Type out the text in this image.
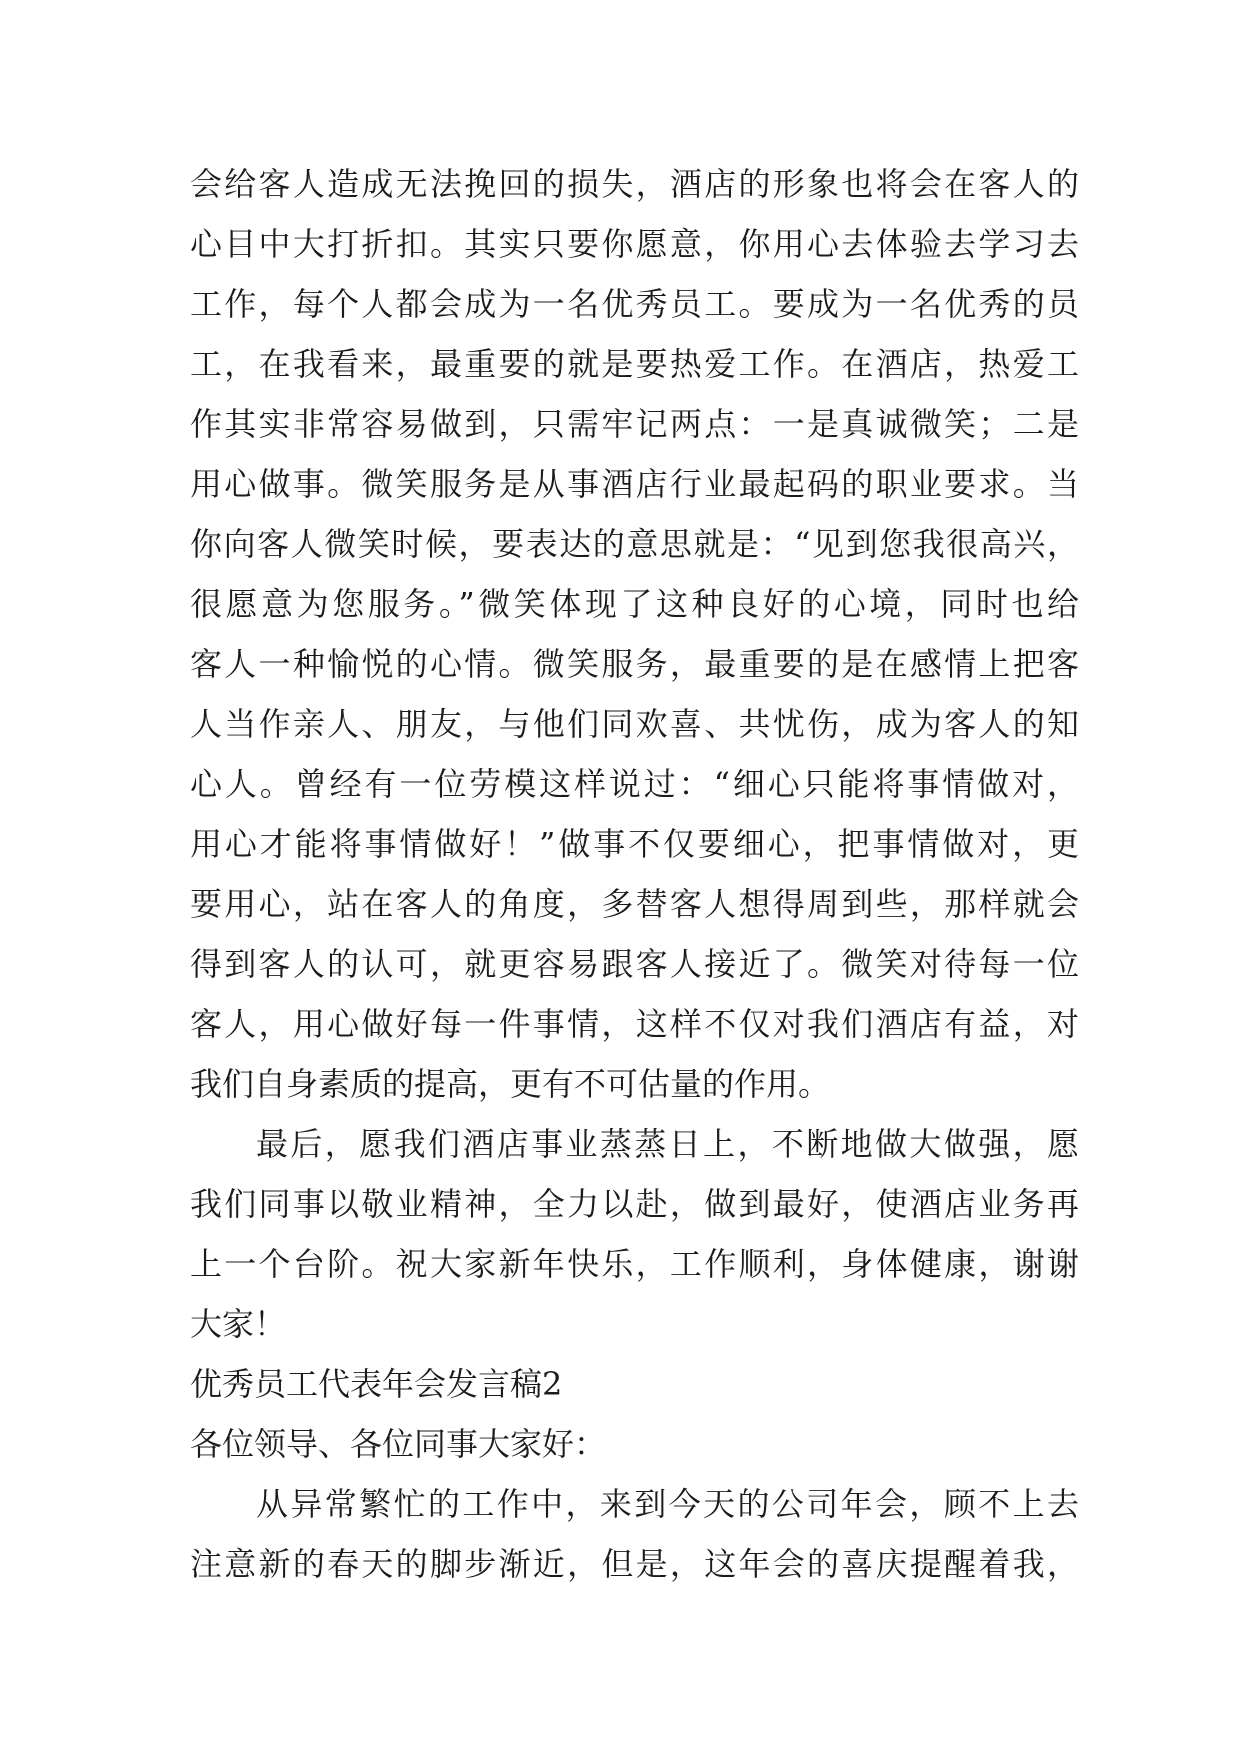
会给客人造成无法挽回的损失，酒店的形象也将会在客人的
心目中大打折扣。其实只要你愿意，你用心去体验去学习去
工作，每个人都会成为一名优秀员工。要成为一名优秀的员
工，在我看来，最重要的就是要热爱工作。在酒店，热爱工
作其实非常容易做到，只需牢记两点：一是真诚微笑；二是
用心做事。微笑服务是从事酒店行业最起码的职业要求。当
你向客人微笑时候，要表达的意思就是：“见到您我很高兴，
很愿意为您服务。”微笑体现了这种良好的心境，同时也给
客人一种愉悦的心情。微笑服务，最重要的是在感情上把客
人当作亲人、朋友，与他们同欢喜、共忧伤，成为客人的知
心人。曾经有一位劳模这样说过：“细心只能将事情做对，
用心才能将事情做好！”做事不仅要细心，把事情做对，更
要用心，站在客人的角度，多替客人想得周到些，那样就会
得到客人的认可，就更容易跟客人接近了。微笑对待每一位
客人，用心做好每一件事情，这样不仅对我们酒店有益，对
我们自身素质的提高，更有不可估量的作用。
最后，愿我们酒店事业蒸蒸日上，不断地做大做强，愿
我们同事以敬业精神，全力以赴，做到最好，使酒店业务再
上一个台阶。祝大家新年快乐，工作顺利，身体健康，谢谢
大家！
优秀员工代表年会发言稿2
各位领导、各位同事大家好：
从异常繁忙的工作中，来到今天的公司年会，顾不上去
注意新的春天的脚步渐近，但是，这年会的喜庆提醒着我，
